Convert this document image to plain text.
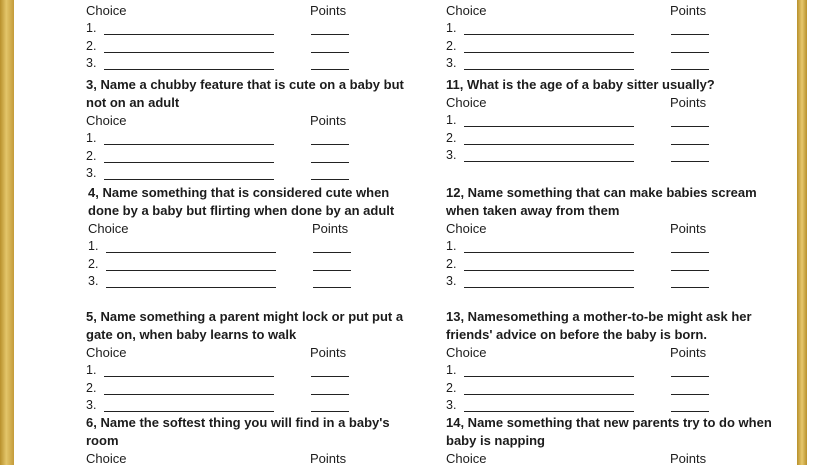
Choice	Points
1.
2.
3.

3, Name a chubby feature that is cute on a baby but not on an adult

Choice	Points
1.
2.
3.

4, Name something that is considered cute when done by a baby but flirting when done by an adult

Choice	Points
1.
2.
3.

5, Name something a parent might lock or put put a gate on, when baby learns to walk

Choice	Points
1.
2.
3.

6, Name the softest thing you will find in a baby's room

Choice	Points
Choice	Points
1.
2.
3.

11, What is the age of a baby sitter usually?

Choice	Points
1.
2.
3.

12, Name something that can make babies scream when taken away from them

Choice	Points
1.
2.
3.

13, Namesomething a mother-to-be might ask her friends' advice on before the baby is born.

Choice	Points
1.
2.
3.

14, Name something that new parents try to do when baby is napping

Choice	Points
